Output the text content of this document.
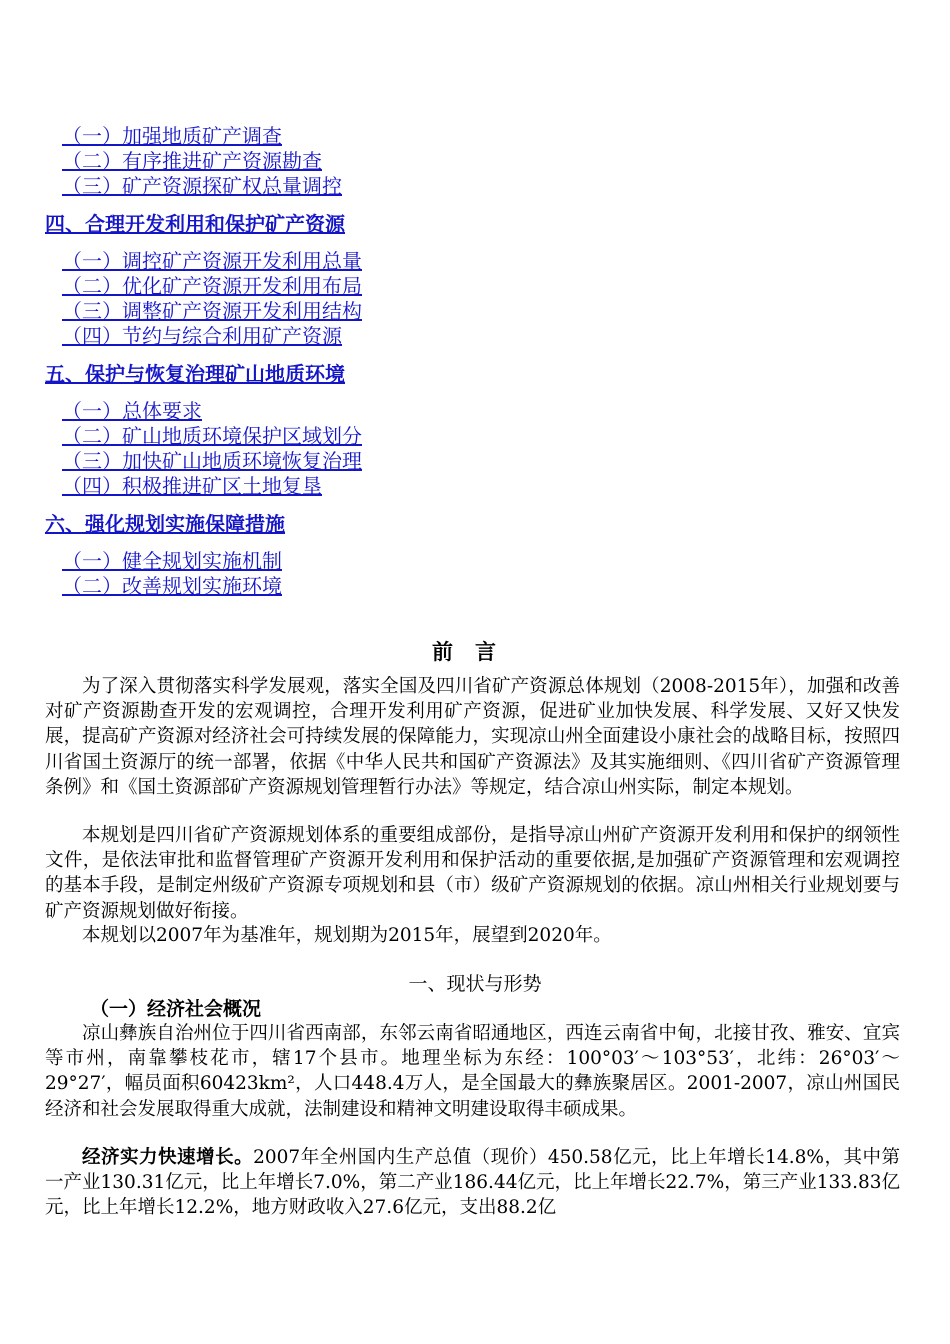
（一）加强地质矿产调查
（二）有序推进矿产资源勘查
（三）矿产资源探矿权总量调控
四、合理开发利用和保护矿产资源
（一）调控矿产资源开发利用总量
（二）优化矿产资源开发利用布局
（三）调整矿产资源开发利用结构
（四）节约与综合利用矿产资源
五、保护与恢复治理矿山地质环境
（一）总体要求
（二）矿山地质环境保护区域划分
（三）加快矿山地质环境恢复治理
（四）积极推进矿区土地复垦
六、强化规划实施保障措施
（一）健全规划实施机制
（二）改善规划实施环境
前言

为了深入贯彻落实科学发展观，落实全国及四川省矿产资源总体规划（2008-2015年），加强和改善对矿产资源勘查开发的宏观调控，合理开发利用矿产资源，促进矿业加快发展、科学发展、又好又快发展，提高矿产资源对经济社会可持续发展的保障能力，实现凉山州全面建设小康社会的战略目标，按照四川省国土资源厅的统一部署，依据《中华人民共和国矿产资源法》及其实施细则、《四川省矿产资源管理条例》和《国土资源部矿产资源规划管理暂行办法》等规定，结合凉山州实际，制定本规划。

本规划是四川省矿产资源规划体系的重要组成部份，是指导凉山州矿产资源开发利用和保护的纲领性文件，是依法审批和监督管理矿产资源开发利用和保护活动的重要依据,是加强矿产资源管理和宏观调控的基本手段，是制定州级矿产资源专项规划和县（市）级矿产资源规划的依据。凉山州相关行业规划要与矿产资源规划做好衔接。

本规划以2007年为基准年，规划期为2015年，展望到2020年。

一、现状与形势
（一）经济社会概况

凉山彝族自治州位于四川省西南部，东邻云南省昭通地区，西连云南省中甸，北接甘孜、雅安、宜宾等市州，南靠攀枝花市，辖17个县市。地理坐标为东经：100°03′～103°53′，北纬：26°03′～29°27′，幅员面积60423km²，人口448.4万人，是全国最大的彝族聚居区。2001-2007，凉山州国民经济和社会发展取得重大成就，法制建设和精神文明建设取得丰硕成果。

经济实力快速增长。2007年全州国内生产总值（现价）450.58亿元，比上年增长14.8%，其中第一产业130.31亿元，比上年增长7.0%，第二产业186.44亿元，比上年增长22.7%，第三产业133.83亿元，比上年增长12.2%，地方财政收入27.6亿元，支出88.2亿
